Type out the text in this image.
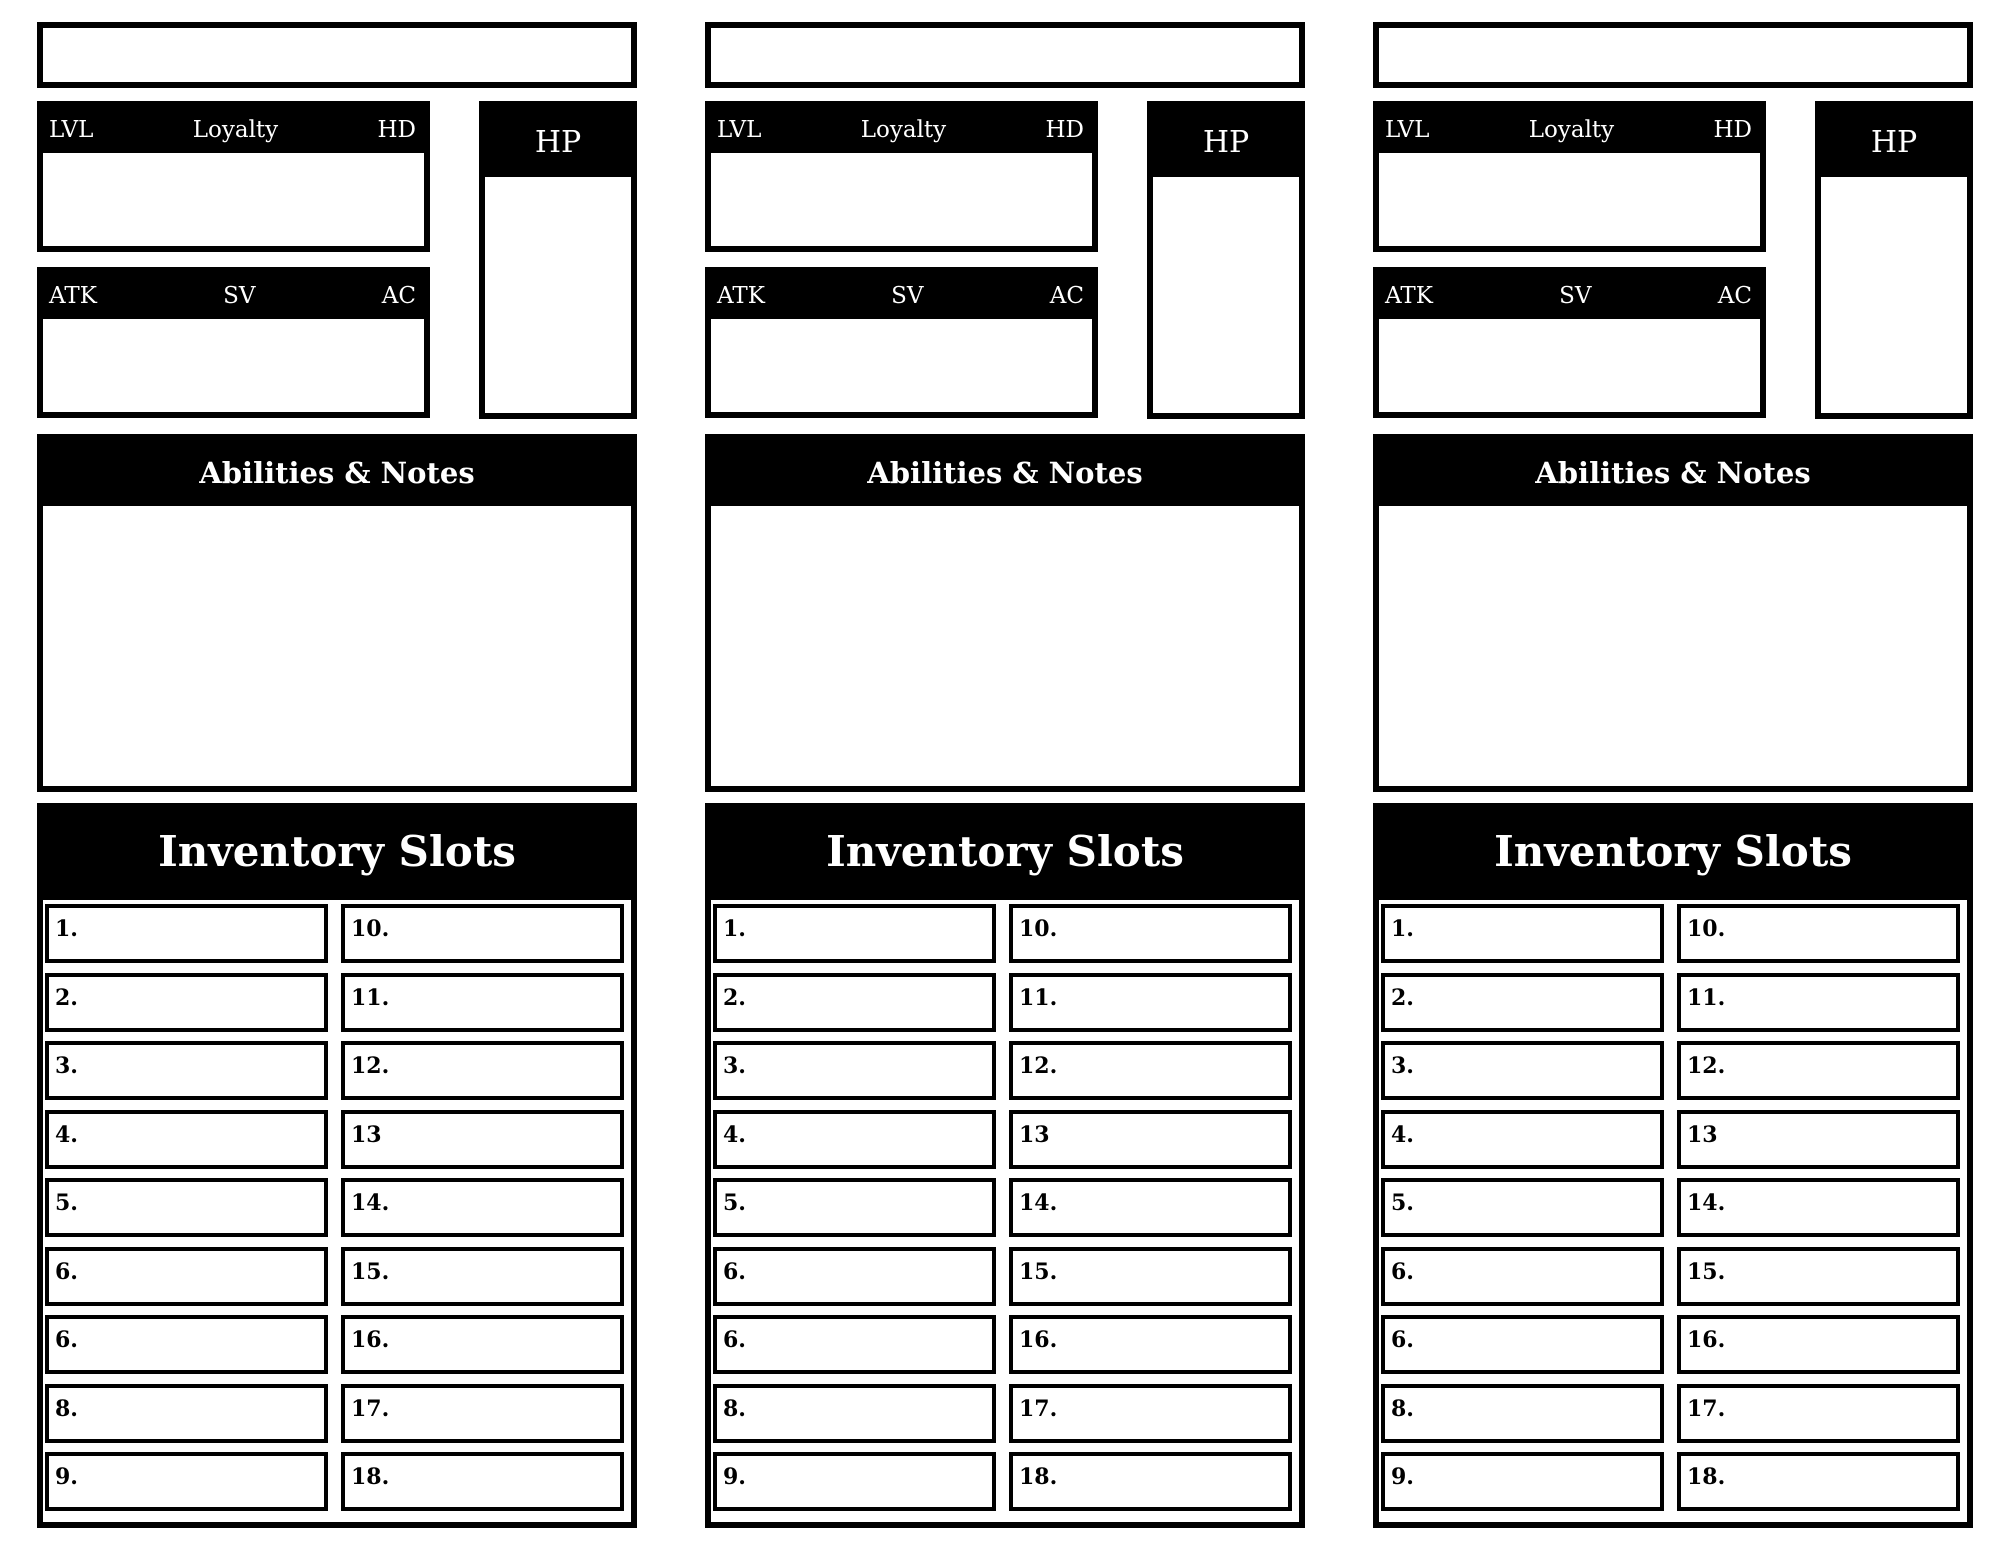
LVL	Loyalty	HD
ATK	SV	AC
HP
Abilities & Notes
Inventory Slots
1.
2.
3.
4.
5.
6.
6.
8.
9.
10.
11.
12.
13
14.
15.
16.
17.
18.
LVL	Loyalty	HD
ATK	SV	AC
HP
Abilities & Notes
Inventory Slots
1.
2.
3.
4.
5.
6.
6.
8.
9.
10.
11.
12.
13
14.
15.
16.
17.
18.
LVL	Loyalty	HD
ATK	SV	AC
HP
Abilities & Notes
Inventory Slots
1.
2.
3.
4.
5.
6.
6.
8.
9.
10.
11.
12.
13
14.
15.
16.
17.
18.
